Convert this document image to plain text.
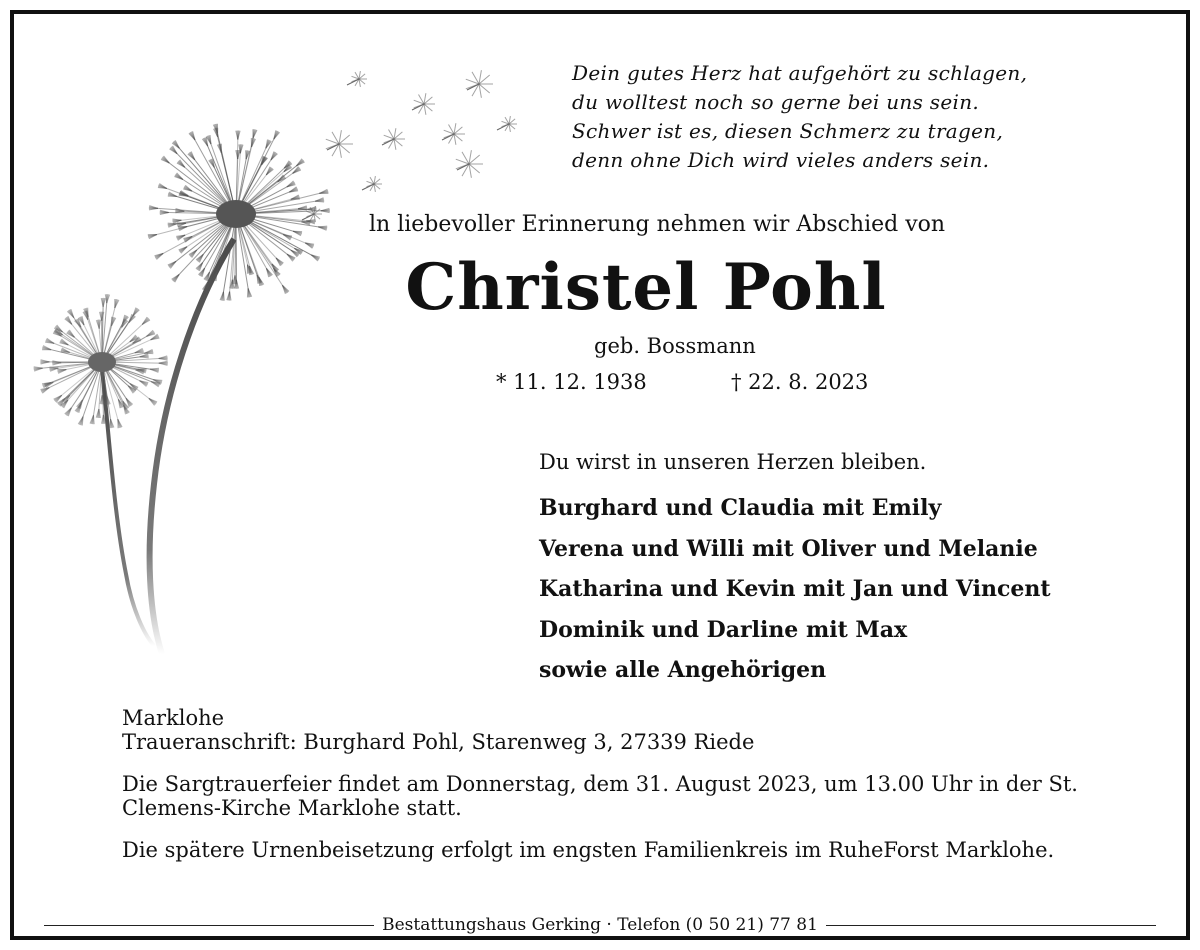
Dein gutes Herz hat aufgehört zu schlagen,
du wolltest noch so gerne bei uns sein.
Schwer ist es, diesen Schmerz zu tragen,
denn ohne Dich wird vieles anders sein.
ln liebevoller Erinnerung nehmen wir Abschied von
Christel Pohl
geb. Bossmann
* 11. 12. 1938	† 22. 8. 2023
Du wirst in unseren Herzen bleiben.
Burghard und Claudia mit Emily
Verena und Willi mit Oliver und Melanie
Katharina und Kevin mit Jan und Vincent
Dominik und Darline mit Max
sowie alle Angehörigen
Marklohe
Traueranschrift: Burghard Pohl, Starenweg 3, 27339 Riede
Die Sargtrauerfeier findet am Donnerstag, dem 31. August 2023, um 13.00 Uhr in der St. Clemens-Kirche Marklohe statt.
Die spätere Urnenbeisetzung erfolgt im engsten Familienkreis im RuheForst Marklohe.
Bestattungshaus Gerking · Telefon (0 50 21) 77 81
